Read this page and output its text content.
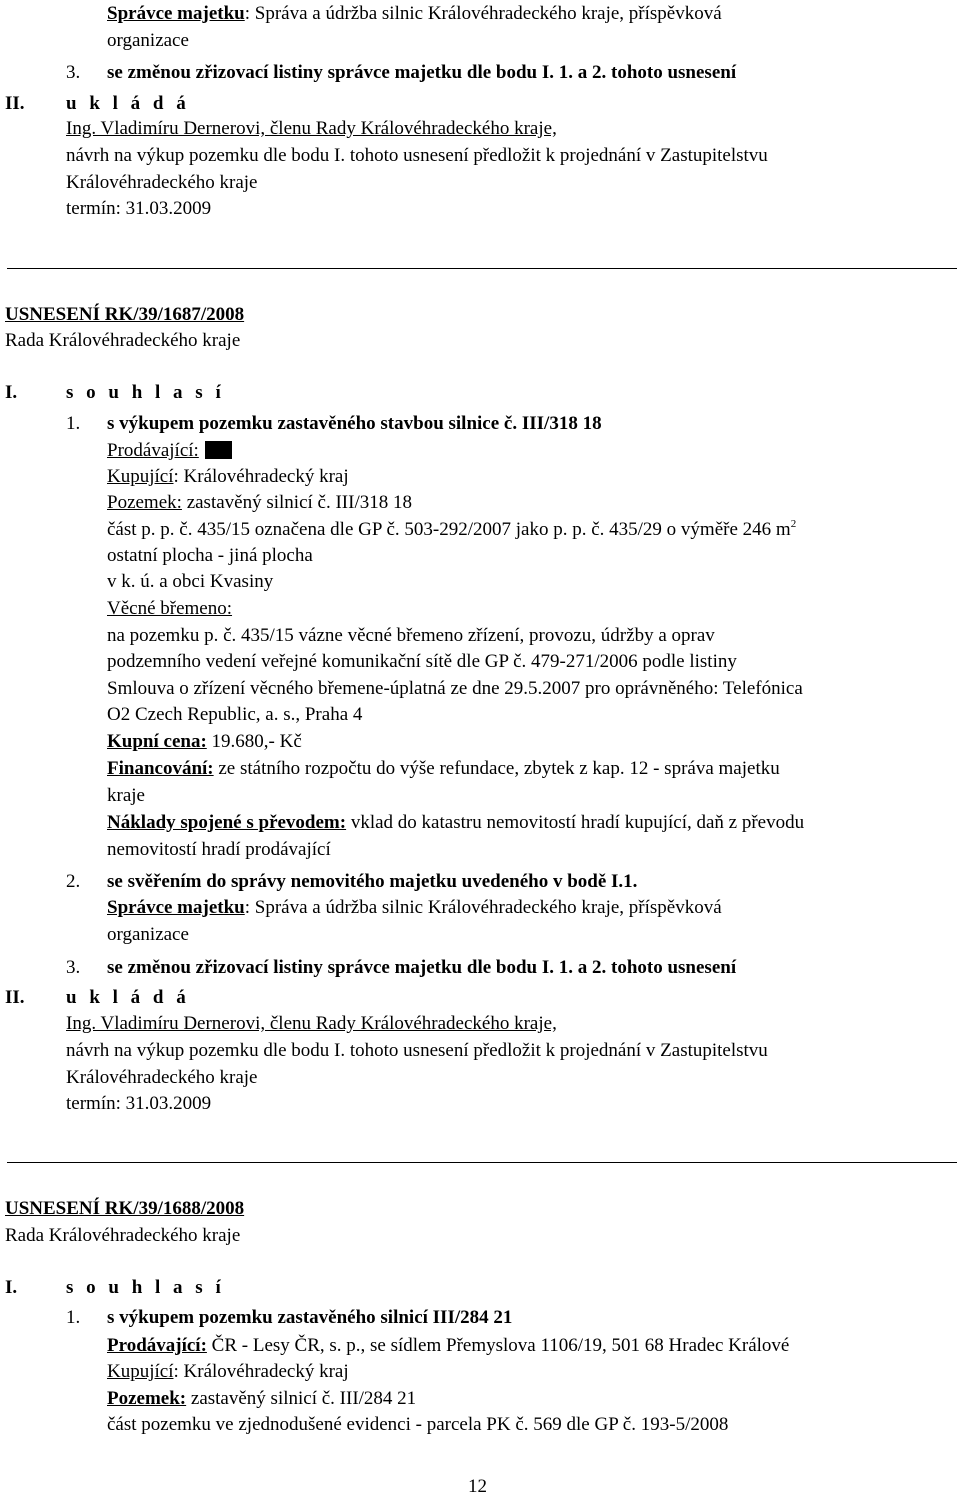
Správce majetku: Správa a údržba silnic Královéhradeckého kraje, příspěvková
organizace
3. se změnou zřizovací listiny správce majetku dle bodu I. 1. a 2. tohoto usnesení
II. u k l á d á
Ing. Vladimíru Dernerovi, členu Rady Královéhradeckého kraje,
návrh na výkup pozemku dle bodu I. tohoto usnesení předložit k projednání v Zastupitelstvu
Královéhradeckého kraje
termín: 31.03.2009
USNESENÍ RK/39/1687/2008
Rada Královéhradeckého kraje
I.	s o u h l a s í
1. s výkupem pozemku zastavěného stavbou silnice č. III/318 18
Prodávající:
Kupující: Královéhradecký kraj
Pozemek: zastavěný silnicí č. III/318 18
část p. p. č. 435/15 označena dle GP č. 503-292/2007 jako p. p. č. 435/29 o výměře 246 $m^2$
ostatní plocha - jiná plocha
v k. ú. a obci Kvasiny
Věcné břemeno:
na pozemku p. č. 435/15 vázne věcné břemeno zřízení, provozu, údržby a oprav
podzemního vedení veřejné komunikační sítě dle GP č. 479-271/2006 podle listiny
Smlouva o zřízení věcného břemene-úplatná ze dne 29.5.2007 pro oprávněného: Telefónica
O2 Czech Republic, a. s., Praha 4
Kupní cena: 19.680,- Kč
Financování: ze státního rozpočtu do výše refundace, zbytek z kap. 12 - správa majetku
kraje
Náklady spojené s převodem: vklad do katastru nemovitostí hradí kupující, daň z převodu
nemovitostí hradí prodávající
2. se svěřením do správy nemovitého majetku uvedeného v bodě I.1.
Správce majetku: Správa a údržba silnic Královéhradeckého kraje, příspěvková
organizace
3. se změnou zřizovací listiny správce majetku dle bodu I. 1. a 2. tohoto usnesení
II. u k l á d á
Ing. Vladimíru Dernerovi, členu Rady Královéhradeckého kraje,
návrh na výkup pozemku dle bodu I. tohoto usnesení předložit k projednání v Zastupitelstvu
Královéhradeckého kraje
termín: 31.03.2009
USNESENÍ RK/39/1688/2008
Rada Královéhradeckého kraje
I.	s o u h l a s í
1. s výkupem pozemku zastavěného silnicí III/284 21
Prodávající: ČR - Lesy ČR, s. p., se sídlem Přemyslova 1106/19, 501 68 Hradec Králové
Kupující: Královéhradecký kraj
Pozemek: zastavěný silnicí č. III/284 21
část pozemku ve zjednodušené evidenci - parcela PK č. 569 dle GP č. 193-5/2008
12
